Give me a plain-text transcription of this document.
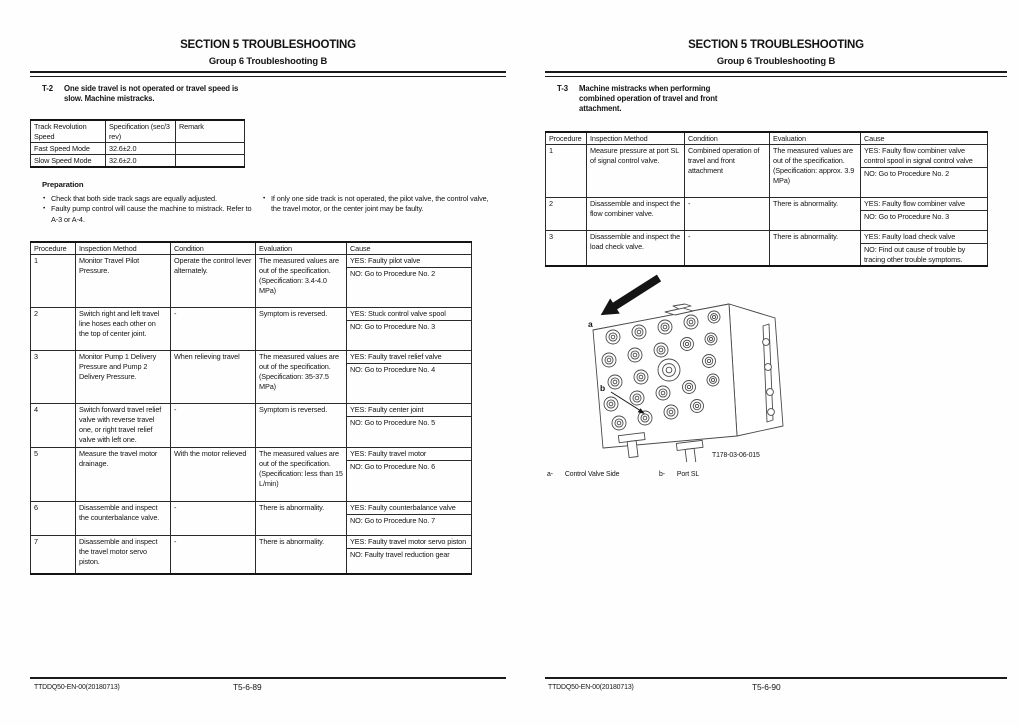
SECTION 5 TROUBLESHOOTING
Group 6 Troubleshooting B
T-2	One side travel is not operated or travel speed is slow. Machine mistracks.
Track Revolution Speed	Specification (sec/3 rev)	Remark
Fast Speed Mode	32.6±2.0	
Slow Speed Mode	32.6±2.0	
Preparation
• Check that both side track sags are equally adjusted.
• Faulty pump control will cause the machine to mistrack. Refer to A-3 or A-4.
• If only one side track is not operated, the pilot valve, the control valve, the travel motor, or the center joint may be faulty.
Procedure	Inspection Method	Condition	Evaluation	Cause
1	Monitor Travel Pilot Pressure.	Operate the control lever alternately.	The measured values are out of the specification. (Specification: 3.4-4.0 MPa)	YES: Faulty pilot valve
NO: Go to Procedure No. 2

2	Switch right and left travel line hoses each other on the top of center joint.	-	Symptom is reversed.	YES: Stuck control valve spool
NO: Go to Procedure No. 3

3	Monitor Pump 1 Delivery Pressure and Pump 2 Delivery Pressure.	When relieving travel	The measured values are out of the specification. (Specification: 35-37.5 MPa)	YES: Faulty travel relief valve
NO: Go to Procedure No. 4

4	Switch forward travel relief valve with reverse travel one, or right travel relief valve with left one.	-	Symptom is reversed.	YES: Faulty center joint
NO: Go to Procedure No. 5

5	Measure the travel motor drainage.	With the motor relieved	The measured values are out of the specification. (Specification: less than 15 L/min)	YES: Faulty travel motor
NO: Go to Procedure No. 6

6	Disassemble and inspect the counterbalance valve.	-	There is abnormality.	YES: Faulty counterbalance valve
NO: Go to Procedure No. 7

7	Disassemble and inspect the travel motor servo piston.	-	There is abnormality.	YES: Faulty travel motor servo piston
NO: Faulty travel reduction gear
TTDDQ50-EN-00(20180713)	T5-6-89
SECTION 5 TROUBLESHOOTING
Group 6 Troubleshooting B
T-3	Machine mistracks when performing combined operation of travel and front attachment.
Procedure	Inspection Method	Condition	Evaluation	Cause
1	Measure pressure at port SL of signal control valve.	Combined operation of travel and front attachment	The measured values are out of the specification. (Specification: approx. 3.9 MPa)	YES: Faulty flow combiner valve control spool in signal control valve
NO: Go to Procedure No. 2

2	Disassemble and inspect the flow combiner valve.	-	There is abnormality.	YES: Faulty flow combiner valve
NO: Go to Procedure No. 3

3	Disassemble and inspect the load check valve.	-	There is abnormality.	YES: Faulty load check valve
NO: Find out cause of trouble by tracing other trouble symptoms.
a
b
T178-03-06-015
a- Control Valve Side	b- Port SL
TTDDQ50-EN-00(20180713)	T5-6-90
